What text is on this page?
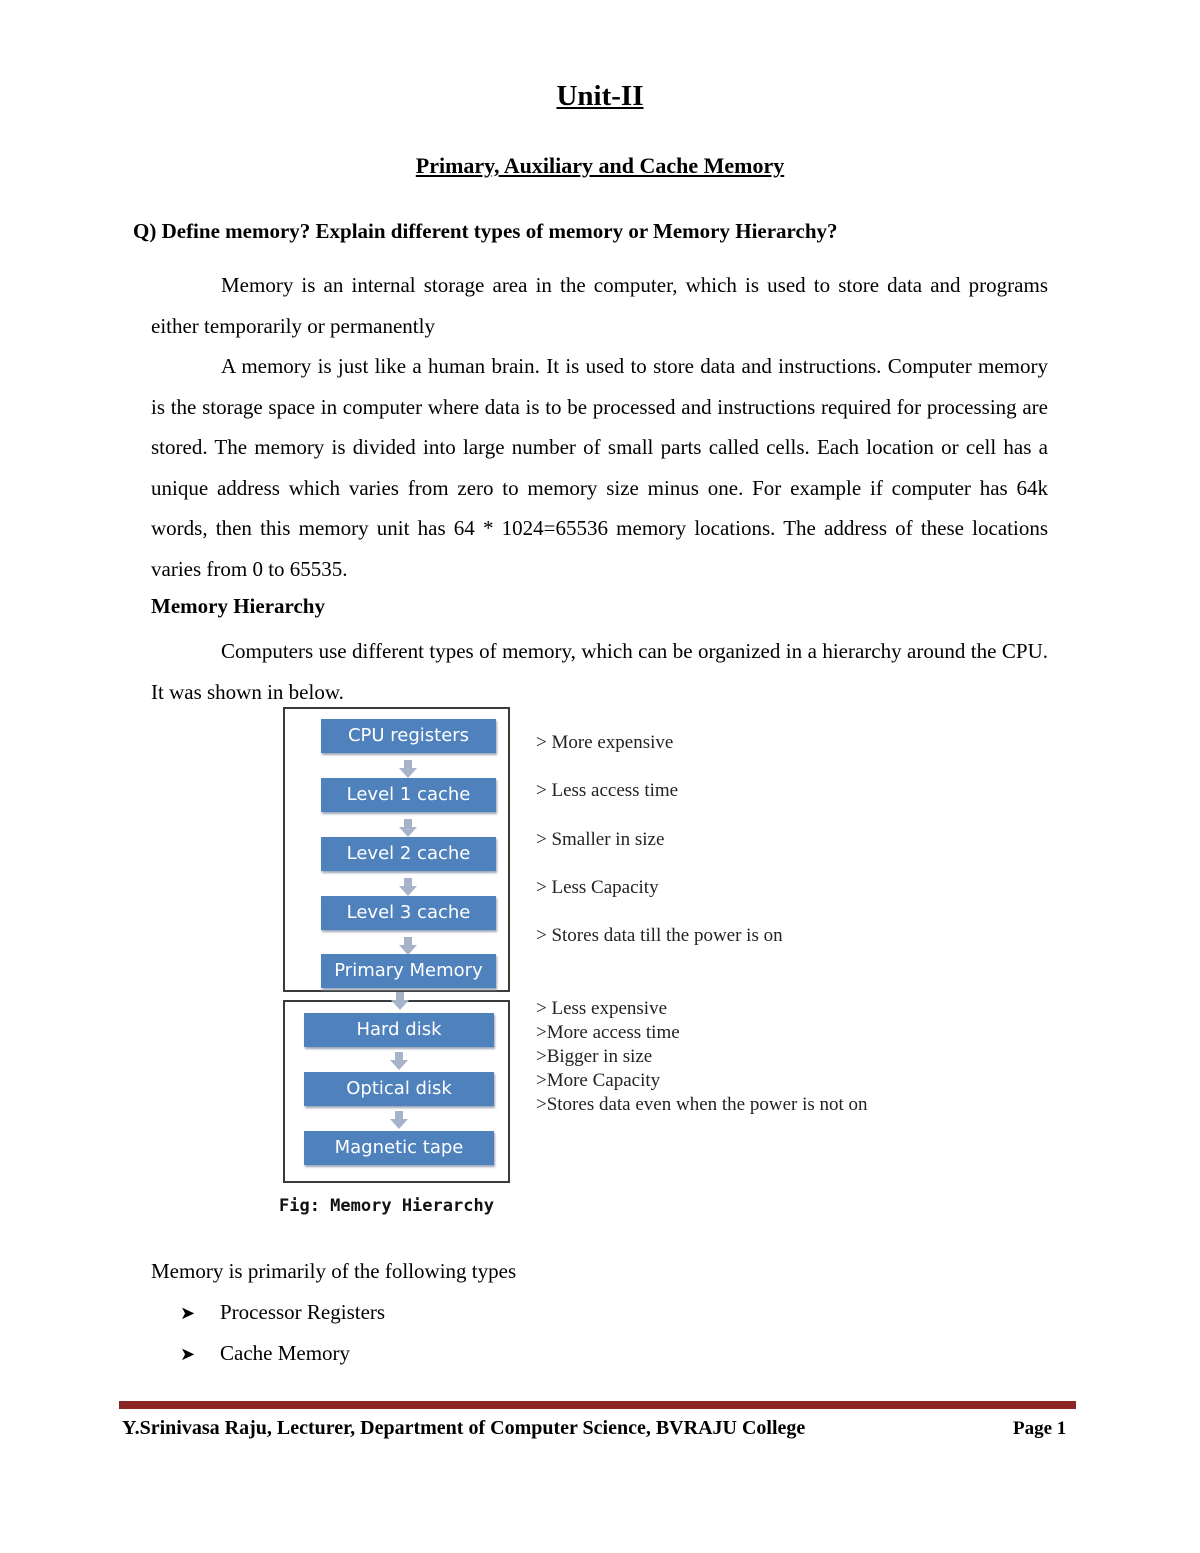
Unit-II
Primary, Auxiliary and Cache Memory

Q) Define memory? Explain different types of memory or Memory Hierarchy?

Memory is an internal storage area in the computer, which is used to store data and programs either temporarily or permanently

A memory is just like a human brain. It is used to store data and instructions. Computer memory is the storage space in computer where data is to be processed and instructions required for processing are stored. The memory is divided into large number of small parts called cells. Each location or cell has a unique address which varies from zero to memory size minus one. For example if computer has 64k words, then this memory unit has 64 * 1024=65536 memory locations. The address of these locations varies from 0 to 65535.

Memory Hierarchy

Computers use different types of memory, which can be organized in a hierarchy around the CPU. It was shown in below.

CPU registers
Level 1 cache
Level 2 cache
Level 3 cache
Primary Memory
Hard disk
Optical disk
Magnetic tape

> More expensive

> Less access time

> Smaller in size

> Less Capacity

> Stores data till the power is on

> Less expensive

>More access time

>Bigger in size

>More Capacity

>Stores data even when the power is not on

Fig: Memory Hierarchy

Memory is primarily of the following types

➤ Processor Registers

➤ Cache Memory

Y.Srinivasa Raju, Lecturer, Department of Computer Science, BVRAJU College	Page 1
